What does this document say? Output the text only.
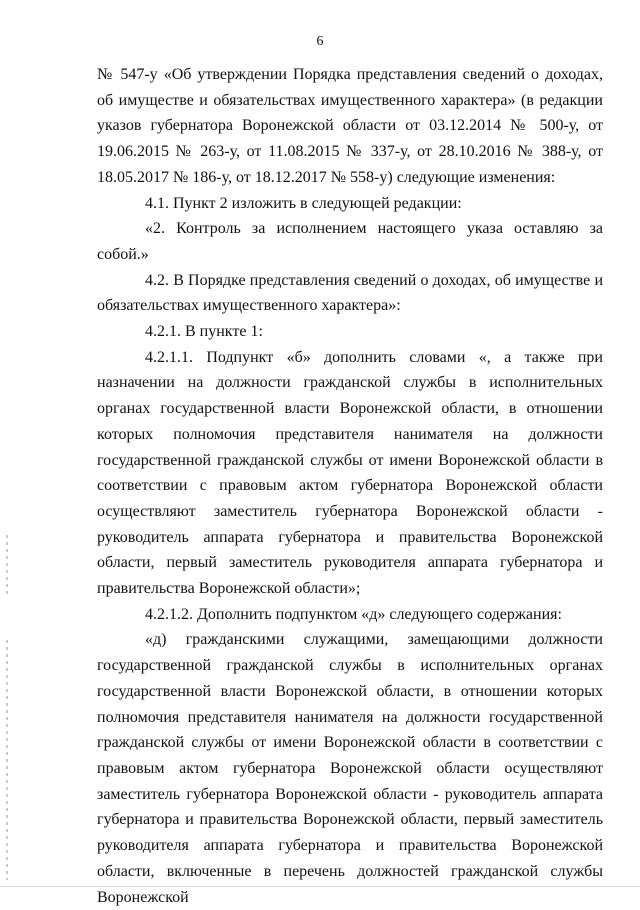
6

№ 547-у «Об утверждении Порядка представления сведений о доходах, об имуществе и обязательствах имущественного характера» (в редакции указов губернатора Воронежской области от 03.12.2014 № 500-у, от 19.06.2015 № 263-у, от 11.08.2015 № 337-у, от 28.10.2016 № 388-у, от 18.05.2017 № 186-у, от 18.12.2017 № 558-у) следующие изменения:

4.1. Пункт 2 изложить в следующей редакции:

«2. Контроль за исполнением настоящего указа оставляю за собой.»

4.2. В Порядке представления сведений о доходах, об имуществе и обязательствах имущественного характера»:

4.2.1. В пункте 1:

4.2.1.1. Подпункт «б» дополнить словами «, а также при назначении на должности гражданской службы в исполнительных органах государственной власти Воронежской области, в отношении которых полномочия представителя нанимателя на должности государственной гражданской службы от имени Воронежской области в соответствии с правовым актом губернатора Воронежской области осуществляют заместитель губернатора Воронежской области - руководитель аппарата губернатора и правительства Воронежской области, первый заместитель руководителя аппарата губернатора и правительства Воронежской области»;

4.2.1.2. Дополнить подпунктом «д» следующего содержания:

«д) гражданскими служащими, замещающими должности государственной гражданской службы в исполнительных органах государственной власти Воронежской области, в отношении которых полномочия представителя нанимателя на должности государственной гражданской службы от имени Воронежской области в соответствии с правовым актом губернатора Воронежской области осуществляют заместитель губернатора Воронежской области - руководитель аппарата губернатора и правительства Воронежской области, первый заместитель руководителя аппарата губернатора и правительства Воронежской области, включенные в перечень должностей гражданской службы Воронежской
